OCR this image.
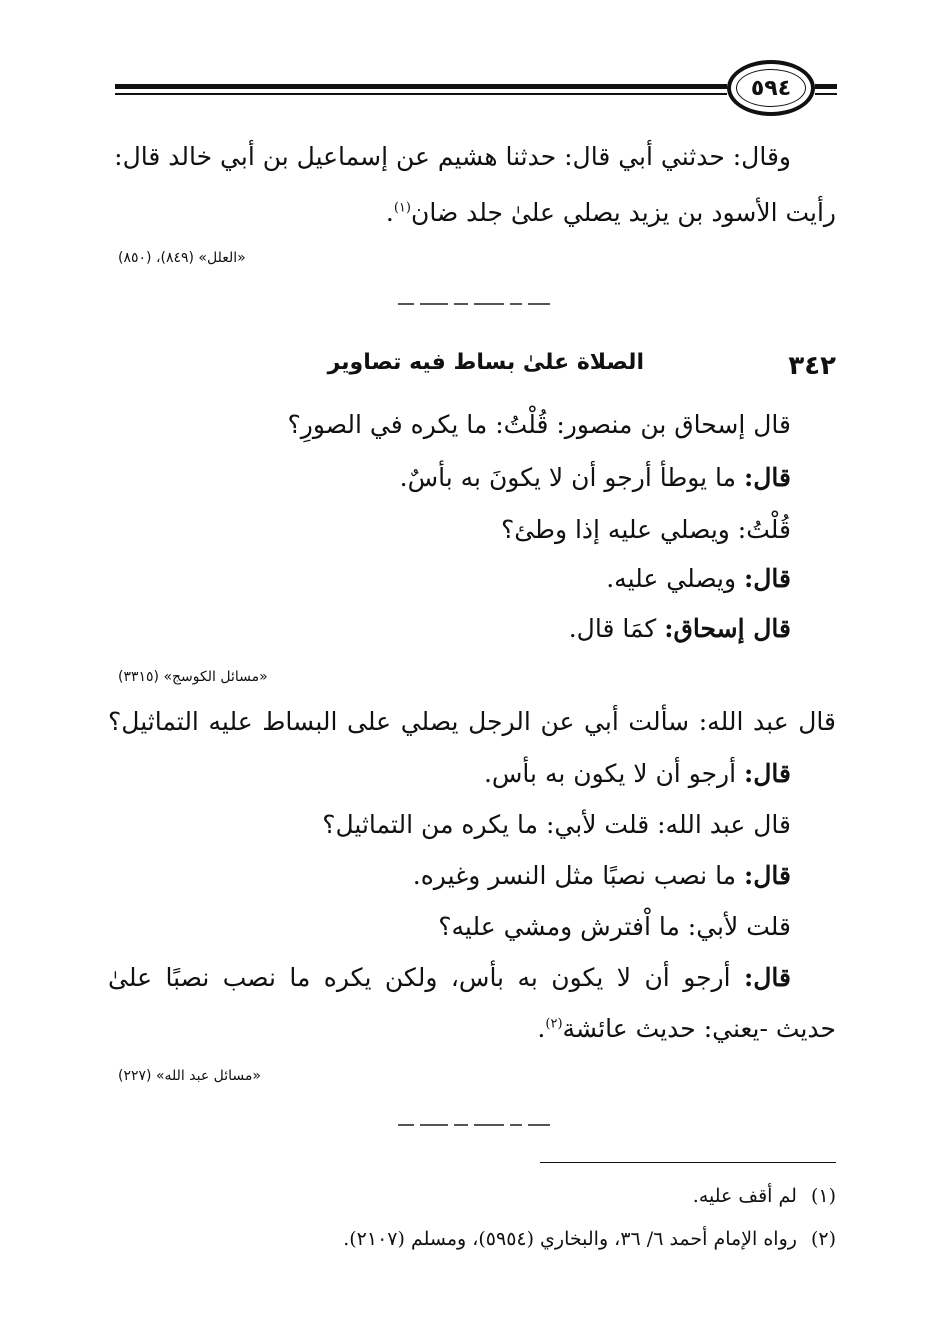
٥٩٤
وقال: حدثني أبي قال: حدثنا هشيم عن إسماعيل بن أبي خالد قال:
رأيت الأسود بن يزيد يصلي علىٰ جلد ضان$^{(١)}$.
«العلل» (٨٤٩)، (٨٥٠)
٣٤٢
الصلاة علىٰ بساط فيه تصاوير
قال إسحاق بن منصور: قُلْتُ: ما يكره في الصورِ؟
قال: ما يوطأ أرجو أن لا يكونَ به بأسٌ.
قُلْتُ: ويصلي عليه إذا وطئ؟
قال: ويصلي عليه.
قال إسحاق: كمَا قال.
«مسائل الكوسج» (٣٣١٥)
قال عبد الله: سألت أبي عن الرجل يصلي على البساط عليه التماثيل؟
قال: أرجو أن لا يكون به بأس.
قال عبد الله: قلت لأبي: ما يكره من التماثيل؟
قال: ما نصب نصبًا مثل النسر وغيره.
قلت لأبي: ما اْفترش ومشي عليه؟
قال: أرجو أن لا يكون به بأس، ولكن يكره ما نصب نصبًا علىٰ
حديث -يعني: حديث عائشة$^{(٢)}$.
«مسائل عبد الله» (٢٢٧)
(١)لم أقف عليه.
(٢)رواه الإمام أحمد ٦/ ٣٦، والبخاري (٥٩٥٤)، ومسلم (٢١٠٧).
